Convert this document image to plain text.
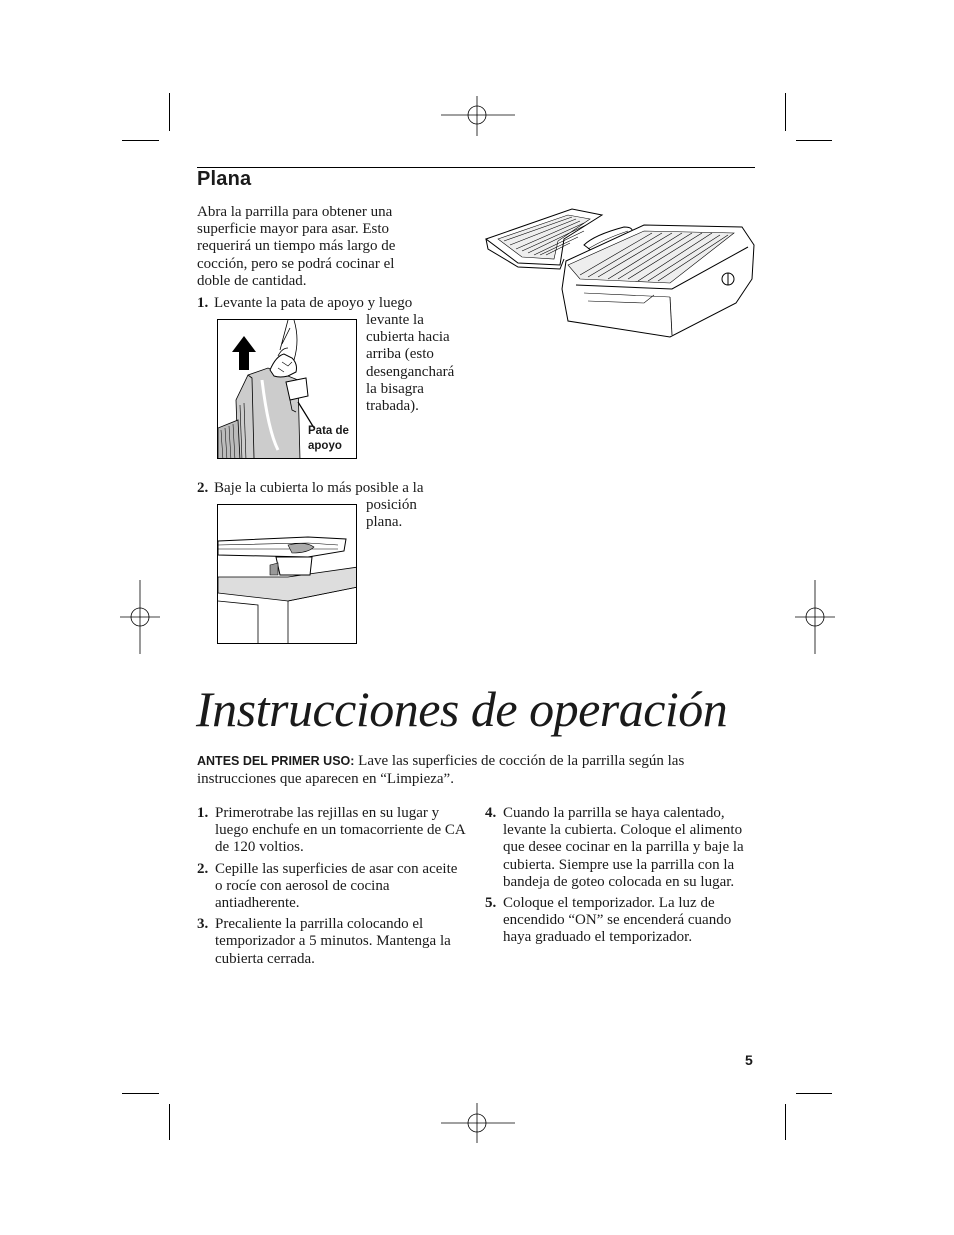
Plana
Abra la parrilla para obtener una
superficie mayor para asar. Esto
requerirá un tiempo más largo de
cocción, pero se podrá cocinar el
doble de cantidad.
1. Levante la pata de apoyo y luego
levante la
cubierta hacia
arriba (esto
desenganchará
la bisagra
trabada).
Pata de
apoyo
2. Baje la cubierta lo más posible a la
posición
plana.
Instrucciones de operación
ANTES DEL PRIMER USO: Lave las superficies de cocción de la parrilla según las instrucciones que aparecen en “Limpieza”.
1. Primerotrabe las rejillas en su lugar y luego enchufe en un tomacorriente de CA de 120 voltios.
2. Cepille las superficies de asar con aceite o rocíe con aerosol de cocina antiadherente.
3. Precaliente la parrilla colocando el temporizador a 5 minutos. Mantenga la cubierta cerrada.
4. Cuando la parrilla se haya calentado, levante la cubierta. Coloque el alimento que desee cocinar en la parrilla y baje la cubierta. Siempre use la parrilla con la bandeja de goteo colocada en su lugar.
5. Coloque el temporizador. La luz de encendido “ON” se encenderá cuando haya graduado el temporizador.
5
